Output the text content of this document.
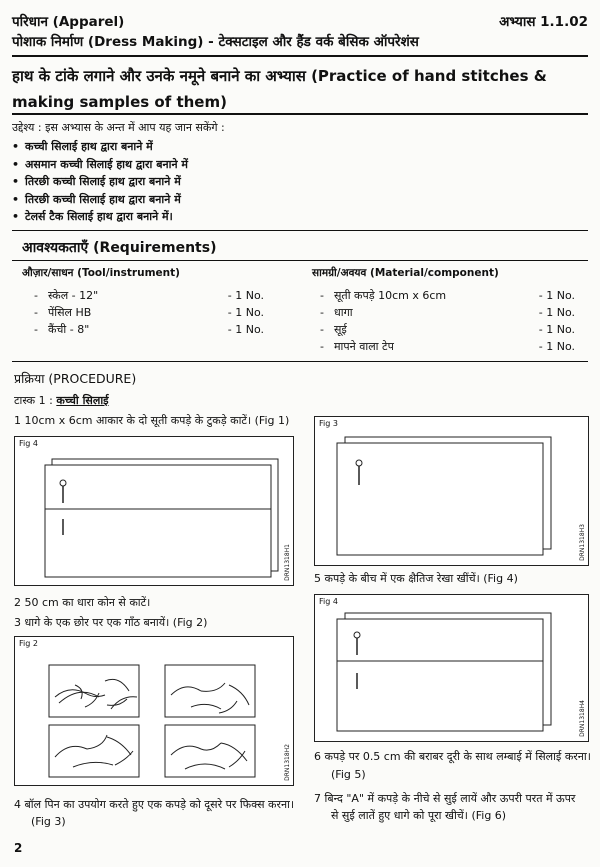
परिधान (Apparel)	अभ्यास 1.1.02
पोशाक निर्माण (Dress Making) - टेक्सटाइल और हैंड वर्क बेसिक ऑपरेशंस
हाथ के टांके लगाने और उनके नमूने बनाने का अभ्यास (Practice of hand stitches & making samples of them)
उद्देश्य : इस अभ्यास के अन्त में आप यह जान सकेंगे :
• कच्ची सिलाई हाथ द्वारा बनाने में
• असमान कच्ची सिलाई हाथ द्वारा बनाने में
• तिरछी कच्ची सिलाई हाथ द्वारा बनाने में
• तिरछी कच्ची सिलाई हाथ द्वारा बनाने में
• टेलर्स टैक सिलाई हाथ द्वारा बनाने में।
आवश्यकताएँ (Requirements)
औज़ार/साधन (Tool/instrument)	सामग्री/अवयव (Material/component)
- स्केल - 12"	- 1 No.
- पेंसिल HB	- 1 No.
- कैंची - 8"	- 1 No.
- सूती कपड़े 10cm x 6cm	- 1 No.
- धागा	- 1 No.
- सूई	- 1 No.
- मापने वाला टेप	- 1 No.
प्रक्रिया (PROCEDURE)
टास्क 1 : कच्ची सिलाई
1 10cm x 6cm आकार के दो सूती कपड़े के टुकड़े काटें। (Fig 1)
Fig 4
DRN1318H1
2 50 cm का धारा कोन से काटें।
3 धागे के एक छोर पर एक गाँठ बनायें। (Fig 2)
Fig 2
DRN1318H2
4 बॉल पिन का उपयोग करते हुए एक कपड़े को दूसरे पर फिक्स करना।
(Fig 3)
Fig 3
DRN1318H3
5 कपड़े के बीच में एक क्षैतिज रेखा खींचें। (Fig 4)
Fig 4
DRN1318H4
6 कपड़े पर 0.5 cm की बराबर दूरी के साथ लम्बाई में सिलाई करना।
(Fig 5)
7 बिन्द "A" में कपड़े के नीचे से सुई लायें और ऊपरी परत में ऊपर
से सुई लातें हुए धागे को पूरा खीचें। (Fig 6)
2
